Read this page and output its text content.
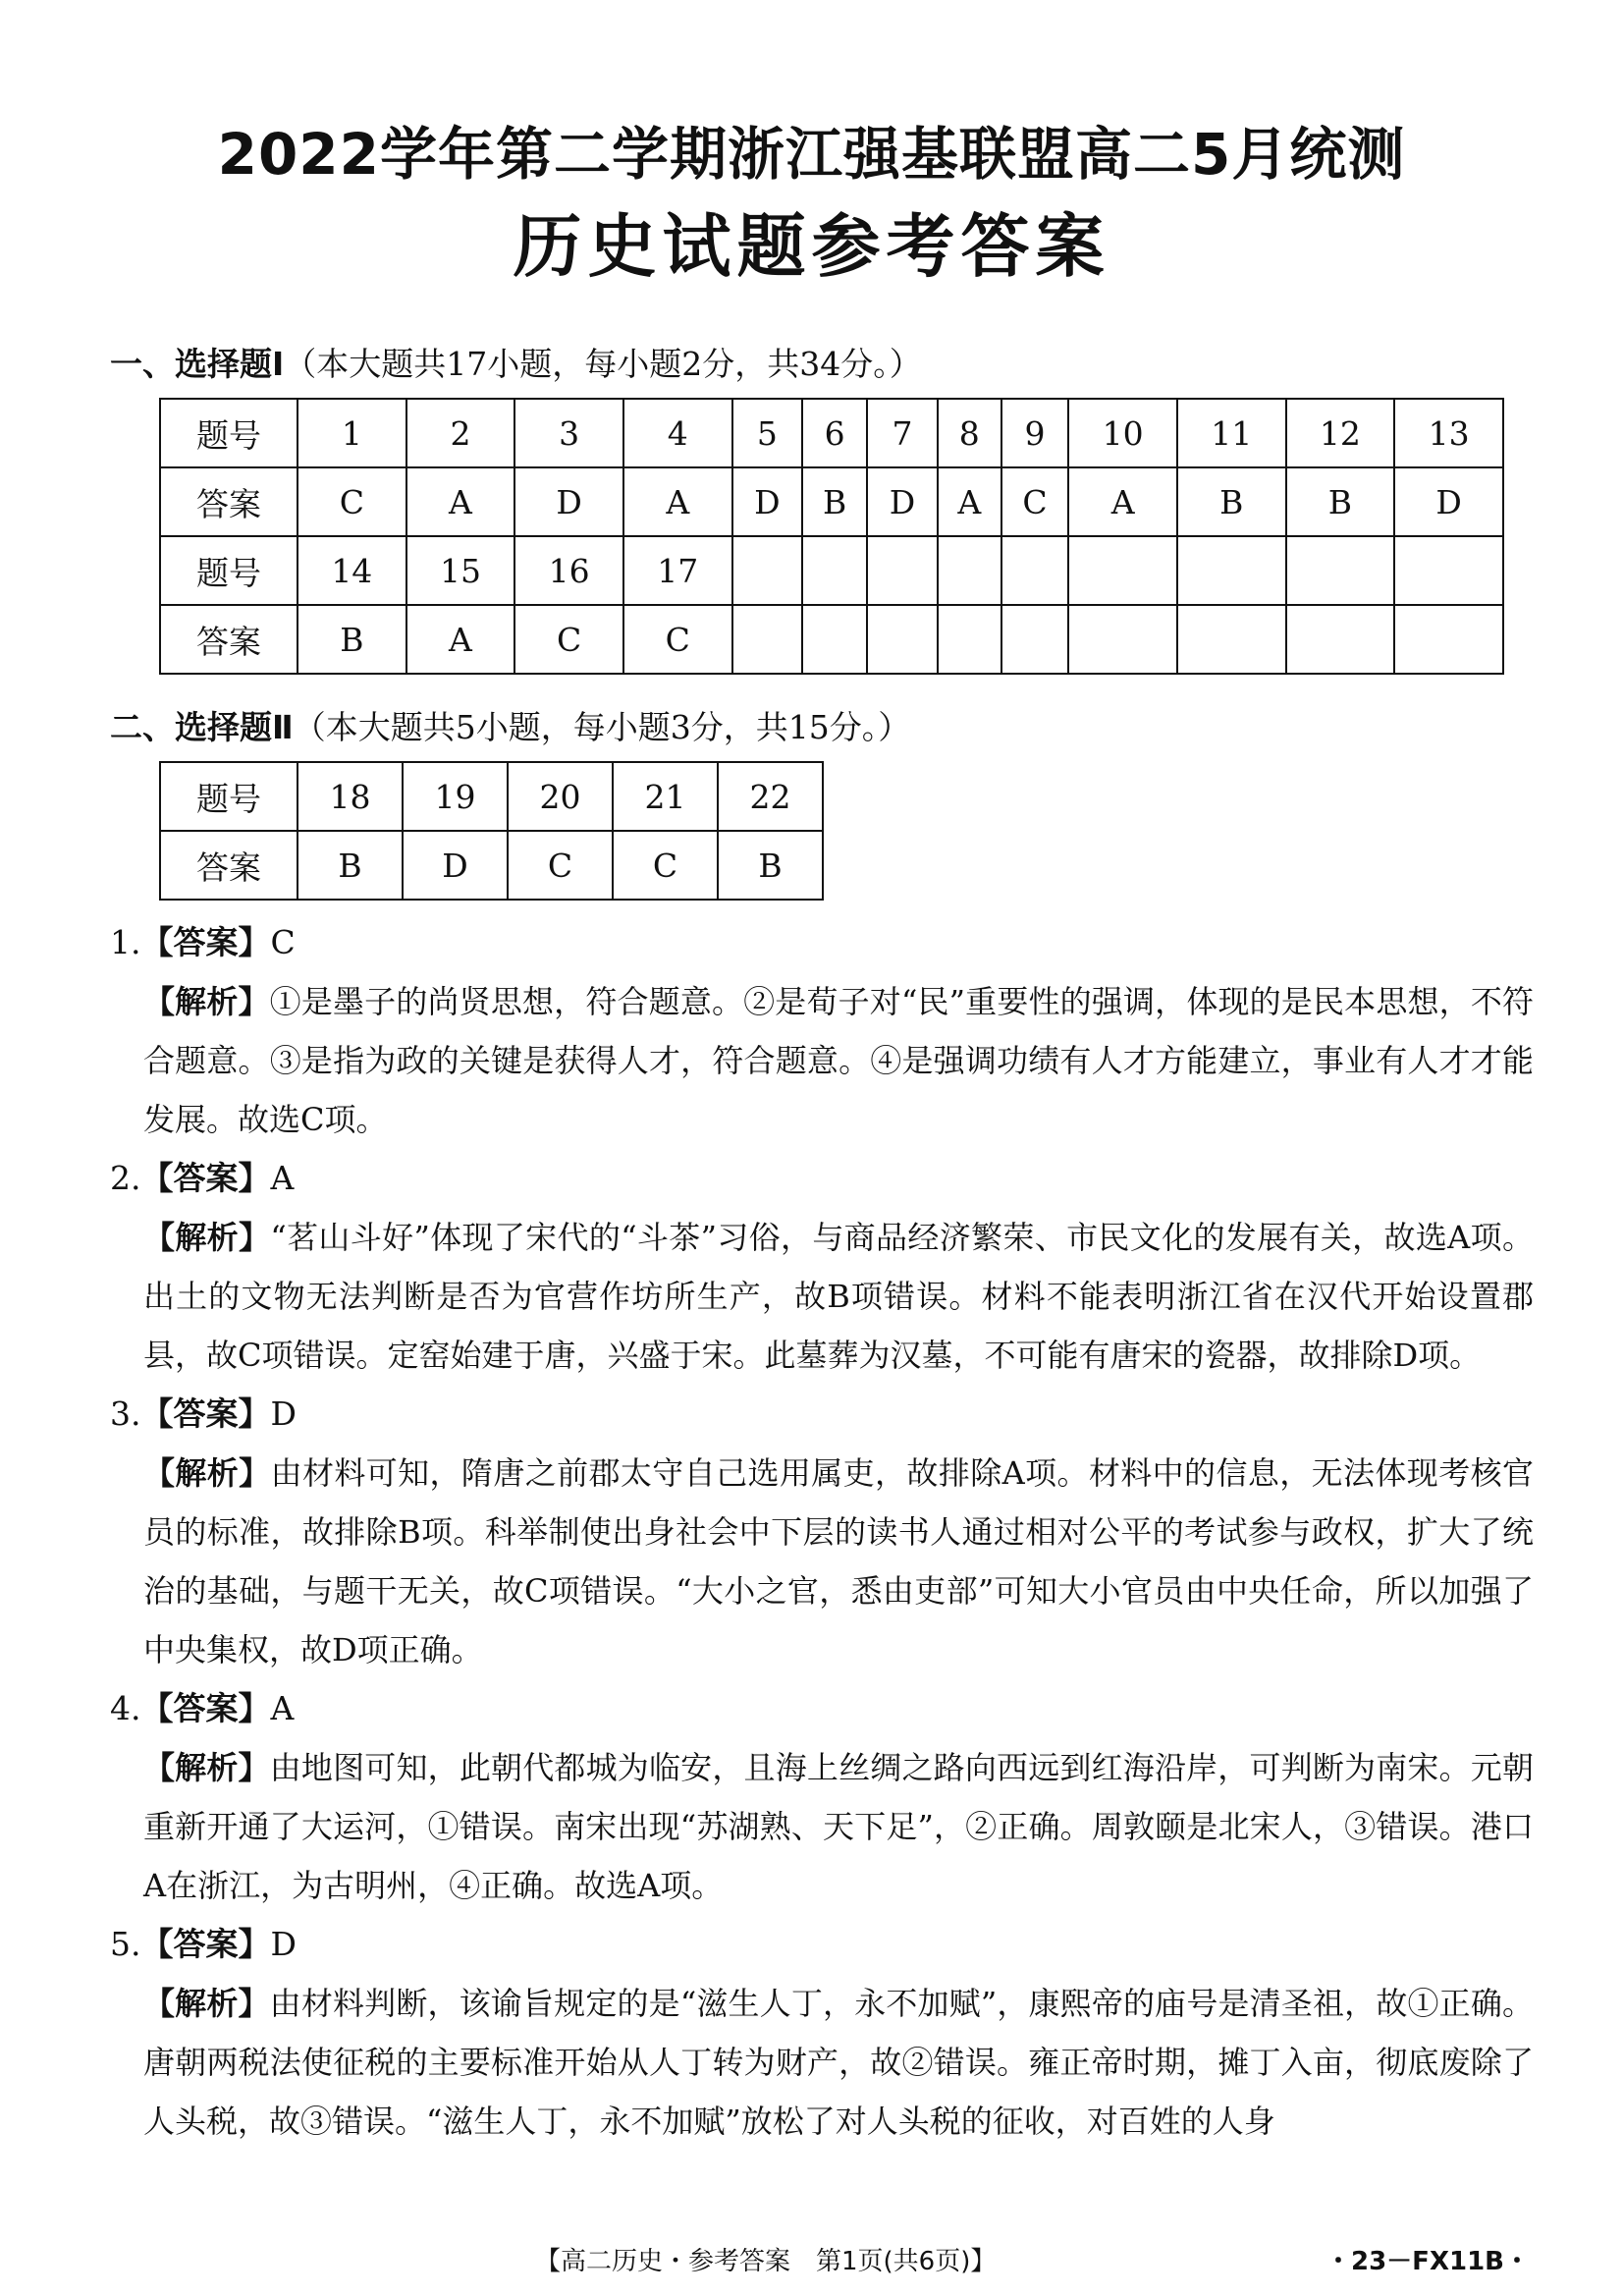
2022学年第二学期浙江强基联盟高二5月统测
历史试题参考答案
一、选择题Ⅰ（本大题共17小题，每小题2分，共34分。）
题号	1	2	3	4	5	6	7	8	9	10	11	12	13
答案	C	A	D	A	D	B	D	A	C	A	B	B	D
题号	14	15	16	17									
答案	B	A	C	C									
二、选择题Ⅱ（本大题共5小题，每小题3分，共15分。）
题号	18	19	20	21	22
答案	B	D	C	C	B
1.【答案】C
【解析】①是墨子的尚贤思想，符合题意。②是荀子对“民”重要性的强调，体现的是民本思想，不符合题意。③是指为政的关键是获得人才，符合题意。④是强调功绩有人才方能建立，事业有人才才能发展。故选C项。
2.【答案】A
【解析】“茗山斗好”体现了宋代的“斗茶”习俗，与商品经济繁荣、市民文化的发展有关，故选A项。出土的文物无法判断是否为官营作坊所生产，故B项错误。材料不能表明浙江省在汉代开始设置郡县，故C项错误。定窑始建于唐，兴盛于宋。此墓葬为汉墓，不可能有唐宋的瓷器，故排除D项。
3.【答案】D
【解析】由材料可知，隋唐之前郡太守自己选用属吏，故排除A项。材料中的信息，无法体现考核官员的标准，故排除B项。科举制使出身社会中下层的读书人通过相对公平的考试参与政权，扩大了统治的基础，与题干无关，故C项错误。“大小之官，悉由吏部”可知大小官员由中央任命，所以加强了中央集权，故D项正确。
4.【答案】A
【解析】由地图可知，此朝代都城为临安，且海上丝绸之路向西远到红海沿岸，可判断为南宋。元朝重新开通了大运河，①错误。南宋出现“苏湖熟、天下足”，②正确。周敦颐是北宋人，③错误。港口A在浙江，为古明州，④正确。故选A项。
5.【答案】D
【解析】由材料判断，该谕旨规定的是“滋生人丁，永不加赋”，康熙帝的庙号是清圣祖，故①正确。唐朝两税法使征税的主要标准开始从人丁转为财产，故②错误。雍正帝时期，摊丁入亩，彻底废除了人头税，故③错误。“滋生人丁，永不加赋”放松了对人头税的征收，对百姓的人身
【高二历史・参考答案　第1页(共6页)】	・23－FX11B・
